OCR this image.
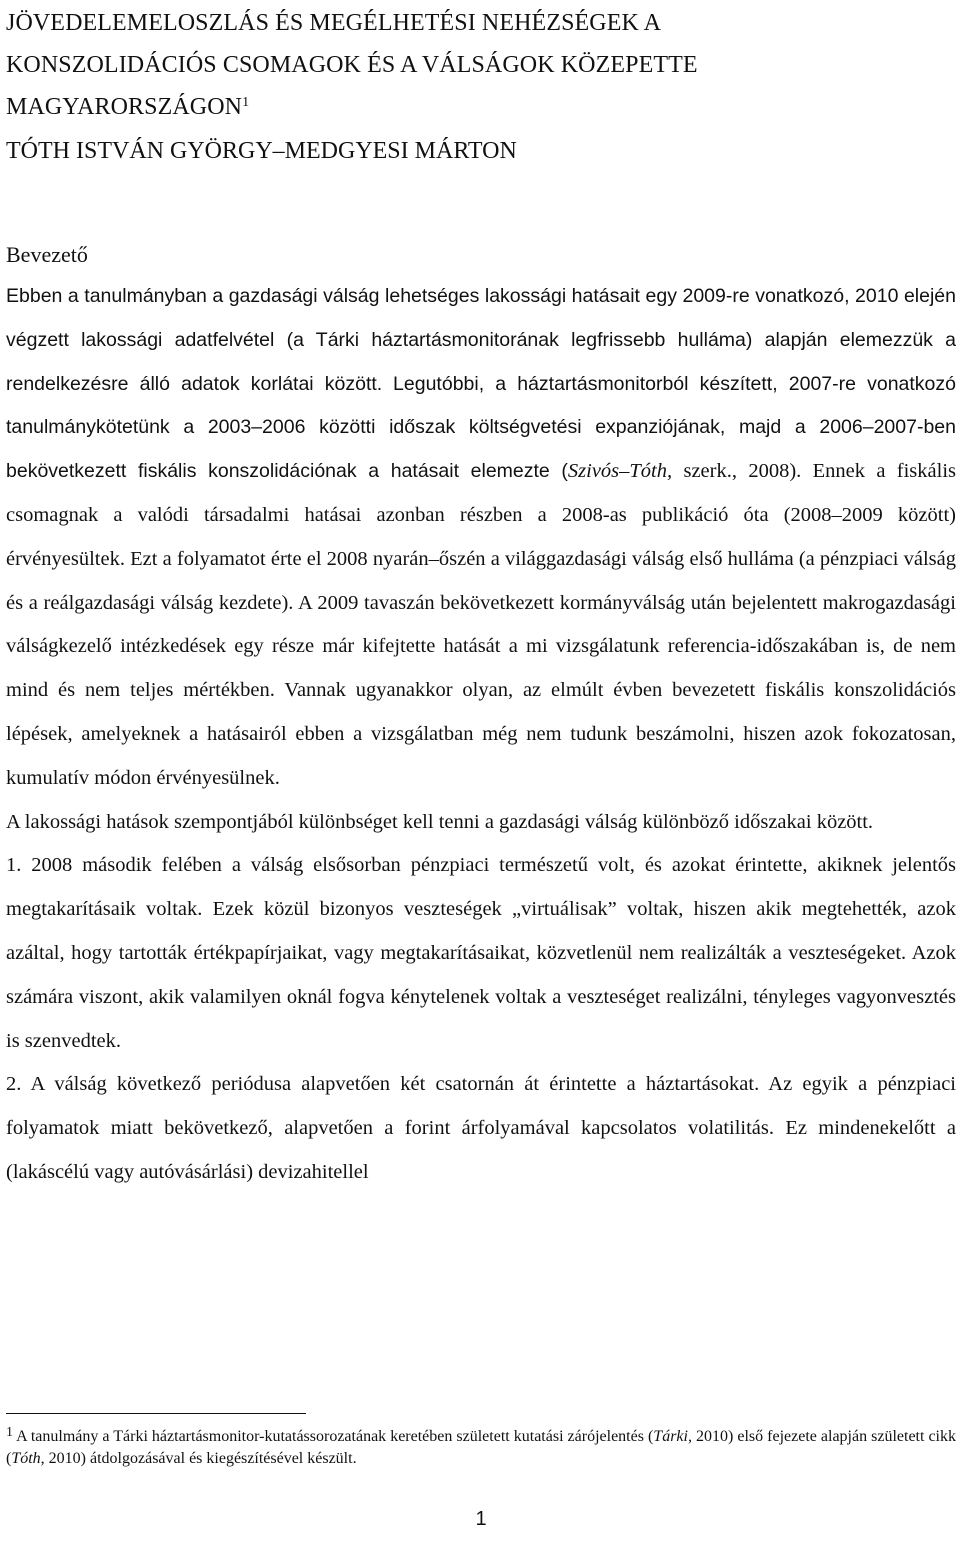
JÖVEDELEMELOSZLÁS ÉS MEGÉLHETÉSI NEHÉZSÉGEK A
KONSZOLIDÁCIÓS CSOMAGOK ÉS A VÁLSÁGOK KÖZEPETTE
MAGYARORSZÁGON$^1$
TÓTH ISTVÁN GYÖRGY–MEDGYESI MÁRTON
Bevezető

Ebben a tanulmányban a gazdasági válság lehetséges lakossági hatásait egy 2009-re vonatkozó, 2010 elején végzett lakossági adatfelvétel (a Tárki háztartásmonitorának legfrissebb hulláma) alapján elemezzük a rendelkezésre álló adatok korlátai között. Legutóbbi, a háztartásmonitorból készített, 2007-re vonatkozó tanulmánykötetünk a 2003–2006 közötti időszak költségvetési expanziójának, majd a 2006–2007-ben bekövetkezett fiskális konszolidációnak a hatásait elemezte (Szivós–Tóth, szerk., 2008). Ennek a fiskális csomagnak a valódi társadalmi hatásai azonban részben a 2008-as publikáció óta (2008–2009 között) érvényesültek. Ezt a folyamatot érte el 2008 nyarán–őszén a világgazdasági válság első hulláma (a pénzpiaci válság és a reálgazdasági válság kezdete). A 2009 tavaszán bekövetkezett kormányválság után bejelentett makrogazdasági válságkezelő intézkedések egy része már kifejtette hatását a mi vizsgálatunk referencia-időszakában is, de nem mind és nem teljes mértékben. Vannak ugyanakkor olyan, az elmúlt évben bevezetett fiskális konszolidációs lépések, amelyeknek a hatásairól ebben a vizsgálatban még nem tudunk beszámolni, hiszen azok fokozatosan, kumulatív módon érvényesülnek.

A lakossági hatások szempontjából különbséget kell tenni a gazdasági válság különböző időszakai között.

1. 2008 második felében a válság elsősorban pénzpiaci természetű volt, és azokat érintette, akiknek jelentős megtakarításaik voltak. Ezek közül bizonyos veszteségek „virtuálisak” voltak, hiszen akik megtehették, azok azáltal, hogy tartották értékpapírjaikat, vagy megtakarításaikat, közvetlenül nem realizálták a veszteségeket. Azok számára viszont, akik valamilyen oknál fogva kénytelenek voltak a veszteséget realizálni, tényleges vagyonvesztés is szenvedtek.

2. A válság következő periódusa alapvetően két csatornán át érintette a háztartásokat. Az egyik a pénzpiaci folyamatok miatt bekövetkező, alapvetően a forint árfolyamával kapcsolatos volatilitás. Ez mindenekelőtt a (lakáscélú vagy autóvásárlási) devizahitellel

$^1$ A tanulmány a Tárki háztartásmonitor-kutatássorozatának keretében született kutatási zárójelentés (Tárki, 2010) első fejezete alapján született cikk (Tóth, 2010) átdolgozásával és kiegészítésével készült.
1
